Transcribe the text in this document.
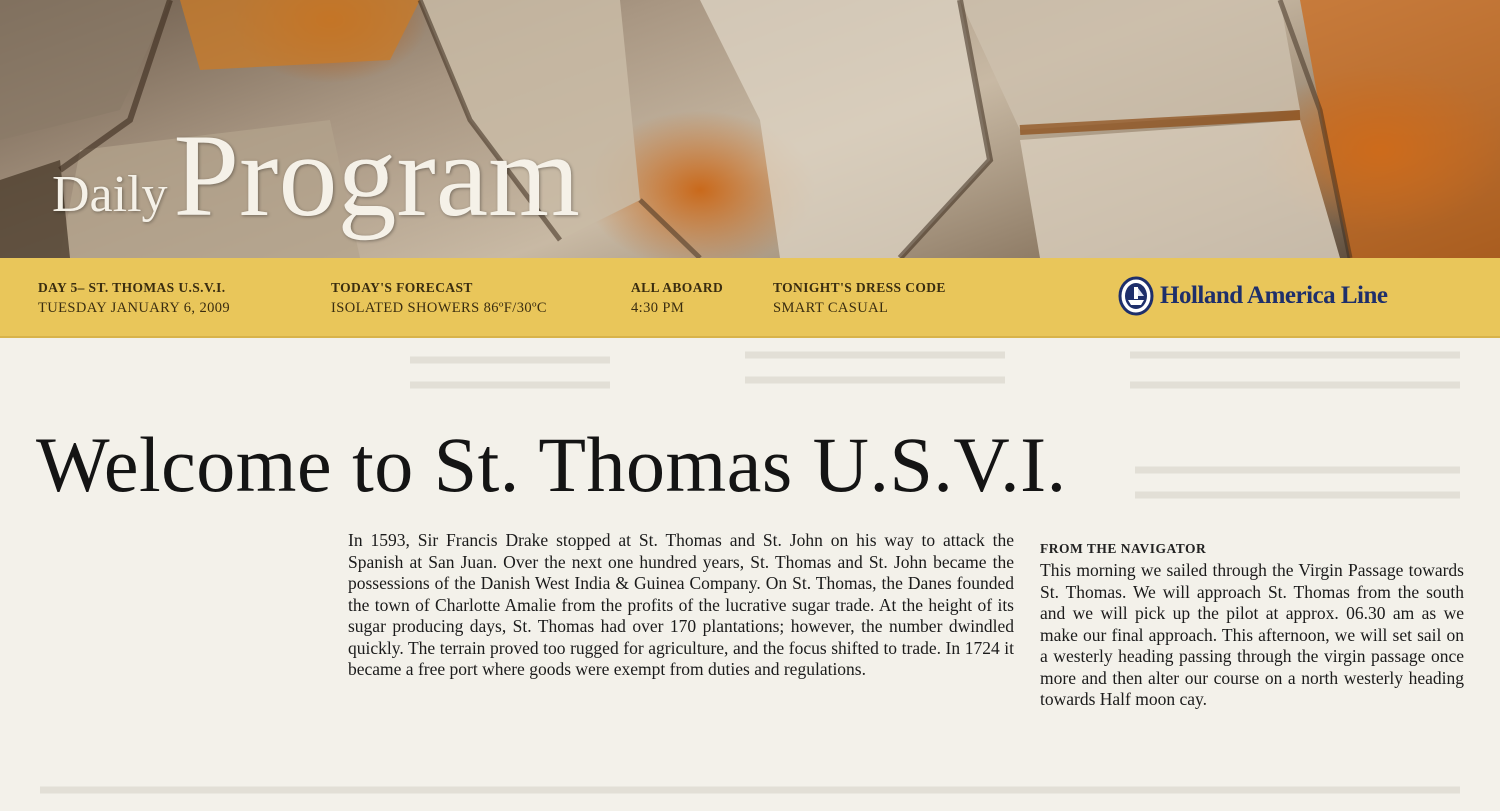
DailyProgram
DAY 5– ST. THOMAS U.S.V.I.
TUESDAY JANUARY 6, 2009
TODAY'S FORECAST
ISOLATED SHOWERS 86ºF/30ºC
ALL ABOARD
4:30 PM
TONIGHT'S DRESS CODE
SMART CASUAL	Holland America Line
Welcome to St. Thomas U.S.V.I.
In 1593, Sir Francis Drake stopped at St. Thomas and St. John on his way to attack the Spanish at San Juan. Over the next one hundred years, St. Thomas and St. John became the possessions of the Danish West India & Guinea Company. On St. Thomas, the Danes founded the town of Charlotte Amalie from the profits of the lucrative sugar trade. At the height of its sugar producing days, St. Thomas had over 170 plantations; however, the number dwindled quickly. The terrain proved too rugged for agriculture, and the focus shifted to trade. In 1724 it became a free port where goods were exempt from duties and regulations.
FROM THE NAVIGATOR
This morning we sailed through the Virgin Passage towards St. Thomas. We will approach St. Thomas from the south and we will pick up the pilot at approx. 06.30 am as we make our final approach. This afternoon, we will set sail on a westerly heading passing through the virgin passage once more and then alter our course on a north westerly heading towards Half moon cay.
